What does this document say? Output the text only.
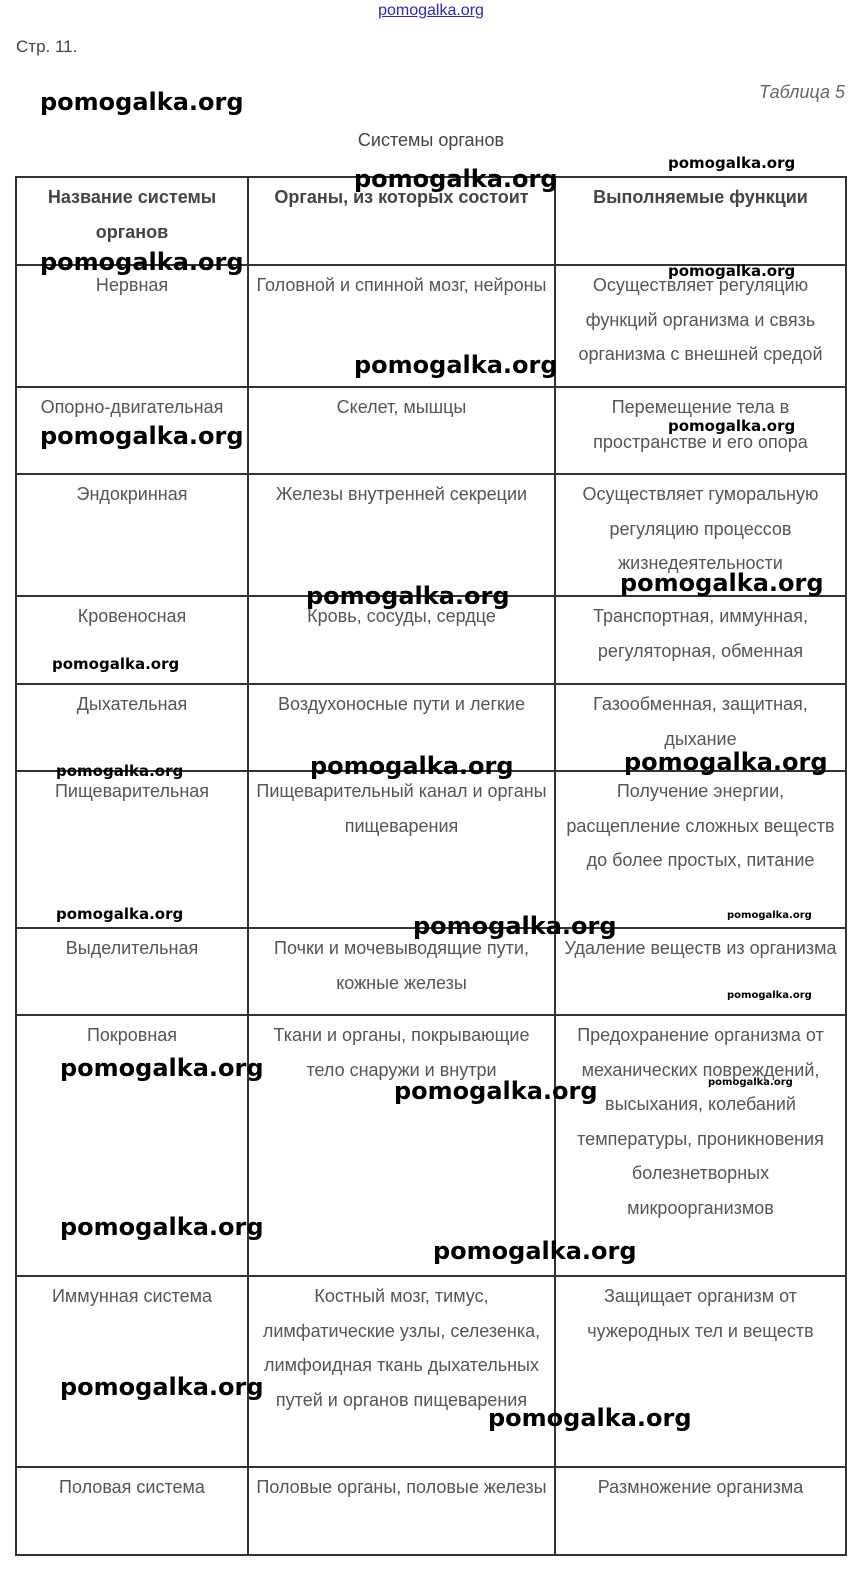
pomogalka.org
Стр. 11.
Таблица 5
Системы органов
Название системы органов	Органы, из которых состоит	Выполняемые функции
Нервная	Головной и спинной мозг, нейроны	Осуществляет регуляцию функций организма и связь организма с внешней средой
Опорно-двигательная	Скелет, мышцы	Перемещение тела в пространстве и его опора
Эндокринная	Железы внутренней секреции	Осуществляет гуморальную регуляцию процессов жизнедеятельности
Кровеносная	Кровь, сосуды, сердце	Транспортная, иммунная, регуляторная, обменная
Дыхательная	Воздухоносные пути и легкие	Газообменная, защитная, дыхание
Пищеварительная	Пищеварительный канал и органы пищеварения	Получение энергии, расщепление сложных веществ до более простых, питание
Выделительная	Почки и мочевыводящие пути, кожные железы	Удаление веществ из организма
Покровная	Ткани и органы, покрывающие тело снаружи и внутри	Предохранение организма от механических повреждений, высыхания, колебаний температуры, проникновения болезнетворных микроорганизмов
Иммунная система	Костный мозг, тимус, лимфатические узлы, селезенка, лимфоидная ткань дыхательных путей и органов пищеварения	Защищает организм от чужеродных тел и веществ
Половая система	Половые органы, половые железы	Размножение организма
pomogalka.org
pomogalka.org
pomogalka.org
pomogalka.org	pomogalka.org
pomogalka.org
pomogalka.org
pomogalka.org
pomogalka.org
pomogalka.org
pomogalka.org
pomogalka.org
pomogalka.org
pomogalka.org
pomogalka.org	pomogalka.org
pomogalka.org
pomogalka.org
pomogalka.org
pomogalka.org
pomogalka.org
pomogalka.org
pomogalka.org
pomogalka.org
pomogalka.org
